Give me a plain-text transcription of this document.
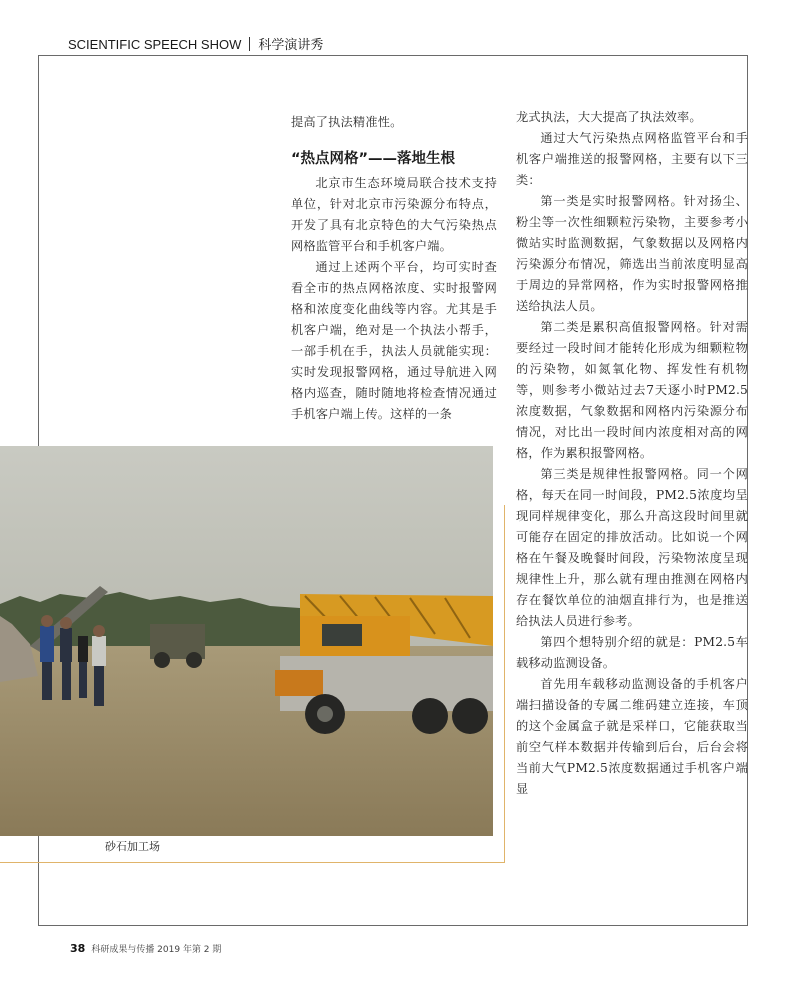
SCIENTIFIC SPEECH SHOW 科学演讲秀

提高了执法精准性。

“热点网格”——落地生根

北京市生态环境局联合技术支持单位，针对北京市污染源分布特点，开发了具有北京特色的大气污染热点网格监管平台和手机客户端。

通过上述两个平台，均可实时查看全市的热点网格浓度、实时报警网格和浓度变化曲线等内容。尤其是手机客户端，绝对是一个执法小帮手，一部手机在手，执法人员就能实现：实时发现报警网格，通过导航进入网格内巡查，随时随地将检查情况通过手机客户端上传。这样的一条

龙式执法，大大提高了执法效率。

通过大气污染热点网格监管平台和手机客户端推送的报警网格，主要有以下三类：

第一类是实时报警网格。针对扬尘、粉尘等一次性细颗粒污染物，主要参考小微站实时监测数据，气象数据以及网格内污染源分布情况，筛选出当前浓度明显高于周边的异常网格，作为实时报警网格推送给执法人员。

第二类是累积高值报警网格。针对需要经过一段时间才能转化形成为细颗粒物的污染物，如氮氧化物、挥发性有机物等，则参考小微站过去7天逐小时PM2.5浓度数据，气象数据和网格内污染源分布情况，对比出一段时间内浓度相对高的网格，作为累积报警网格。

第三类是规律性报警网格。同一个网格，每天在同一时间段，PM2.5浓度均呈现同样规律变化，那么升高这段时间里就可能存在固定的排放活动。比如说一个网格在午餐及晚餐时间段，污染物浓度呈现规律性上升，那么就有理由推测在网格内存在餐饮单位的油烟直排行为，也是推送给执法人员进行参考。

第四个想特别介绍的就是：PM2.5车载移动监测设备。

首先用车载移动监测设备的手机客户端扫描设备的专属二维码建立连接，车顶的这个金属盒子就是采样口，它能获取当前空气样本数据并传输到后台，后台会将当前大气PM2.5浓度数据通过手机客户端显

砂石加工场
38 科研成果与传播 2019 年第 2 期
